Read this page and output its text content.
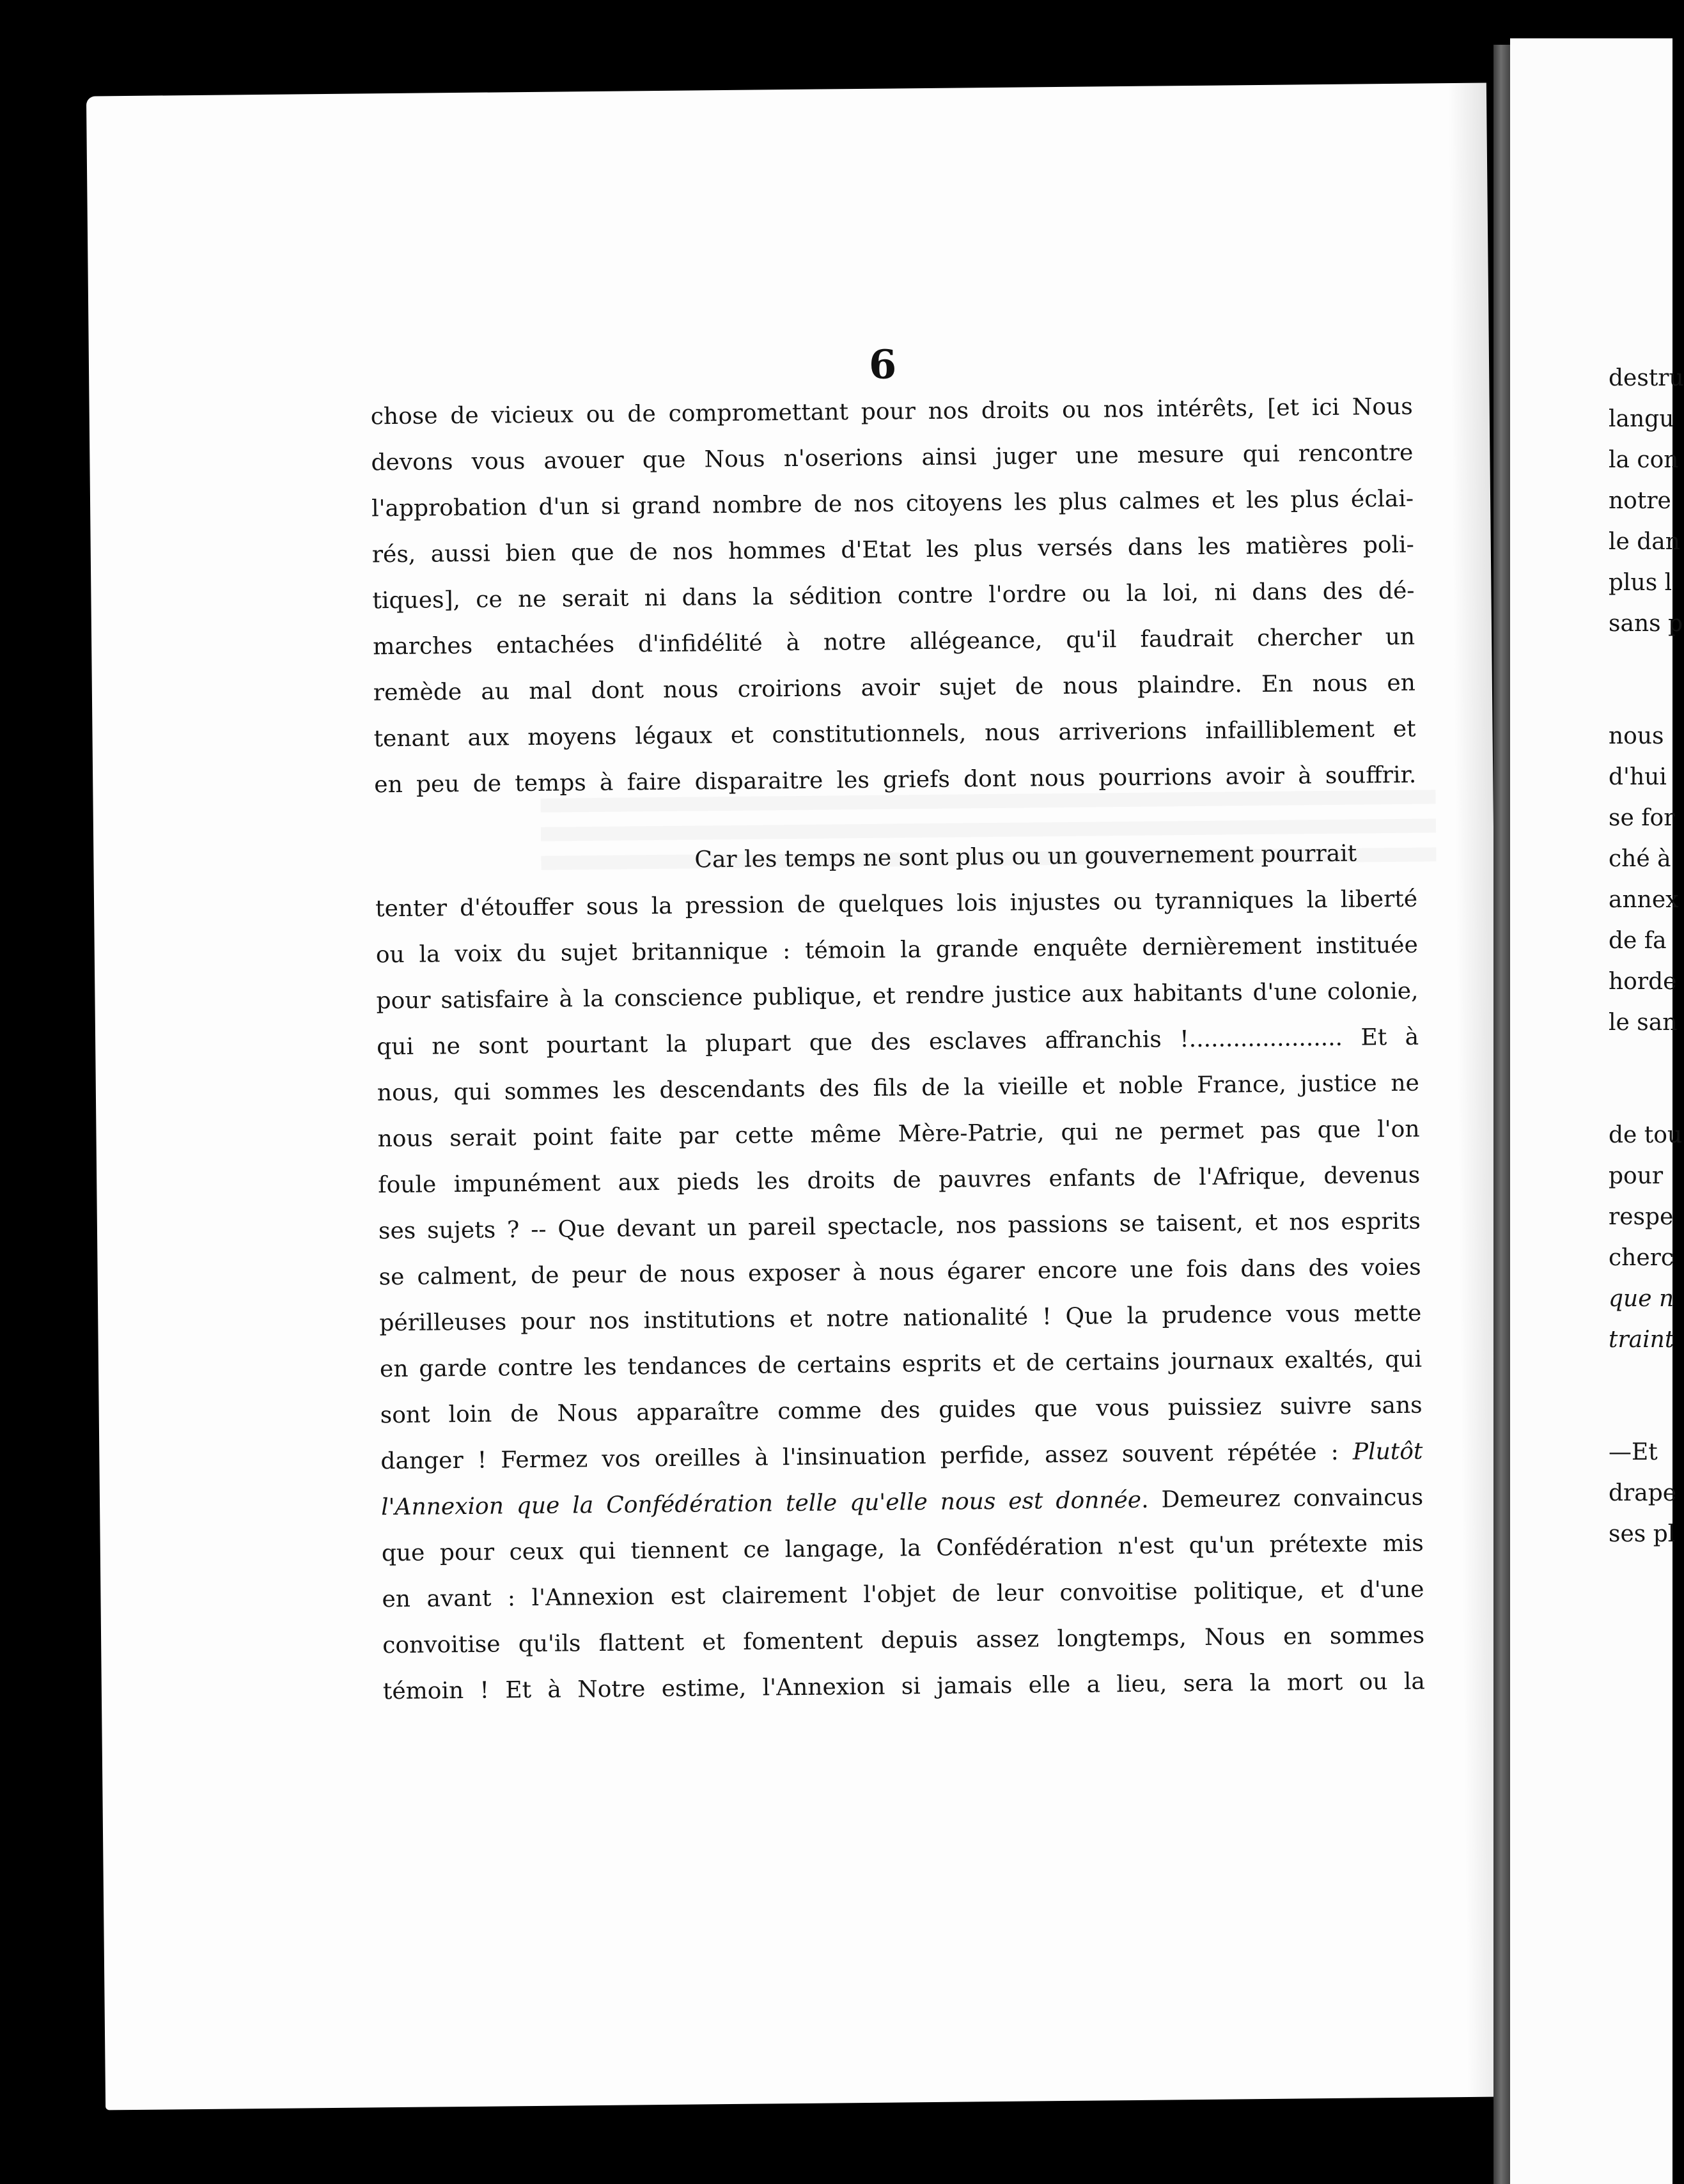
6
chose de vicieux ou de compromettant pour nos droits ou nos intérêts, [et ici Nous
devons vous avouer que Nous n'oserions ainsi juger une mesure qui rencontre
l'approbation d'un si grand nombre de nos citoyens les plus calmes et les plus éclai-
rés, aussi bien que de nos hommes d'Etat les plus versés dans les matières poli-
tiques], ce ne serait ni dans la sédition contre l'ordre ou la loi, ni dans des dé-
marches entachées d'infidélité à notre allégeance, qu'il faudrait chercher un
remède au mal dont nous croirions avoir sujet de nous plaindre. En nous en
tenant aux moyens légaux et constitutionnels, nous arriverions infailliblement et
en peu de temps à faire disparaitre les griefs dont nous pourrions avoir à souffrir.
Car les temps ne sont plus ou un gouvernement pourrait
tenter d'étouffer sous la pression de quelques lois injustes ou tyranniques la liberté
ou la voix du sujet britannique : témoin la grande enquête dernièrement instituée
pour satisfaire à la conscience publique, et rendre justice aux habitants d'une colonie,
qui ne sont pourtant la plupart que des esclaves affranchis !..................... Et à
nous, qui sommes les descendants des fils de la vieille et noble France, justice ne
nous serait point faite par cette même Mère-Patrie, qui ne permet pas que l'on
foule impunément aux pieds les droits de pauvres enfants de l'Afrique, devenus
ses sujets ? -- Que devant un pareil spectacle, nos passions se taisent, et nos esprits
se calment, de peur de nous exposer à nous égarer encore une fois dans des voies
périlleuses pour nos institutions et notre nationalité ! Que la prudence vous mette
en garde contre les tendances de certains esprits et de certains journaux exaltés, qui
sont loin de Nous apparaître comme des guides que vous puissiez suivre sans
danger ! Fermez vos oreilles à l'insinuation perfide, assez souvent répétée : Plutôt
l'Annexion que la Confédération telle qu'elle nous est donnée. Demeurez convaincus
que pour ceux qui tiennent ce langage, la Confédération n'est qu'un prétexte mis
en avant : l'Annexion est clairement l'objet de leur convoitise politique, et d'une
convoitise qu'ils flattent et fomentent depuis assez longtemps, Nous en sommes
témoin ! Et à Notre estime, l'Annexion si jamais elle a lieu, sera la mort ou la
destru
langu
la con
notre
le dan
plus l
sans p
nous
d'hui
se for
ché à
annex
de fa
horde
le san
de tou
pour
respe
cherc
que n
traint
—Et
drape
ses pl
